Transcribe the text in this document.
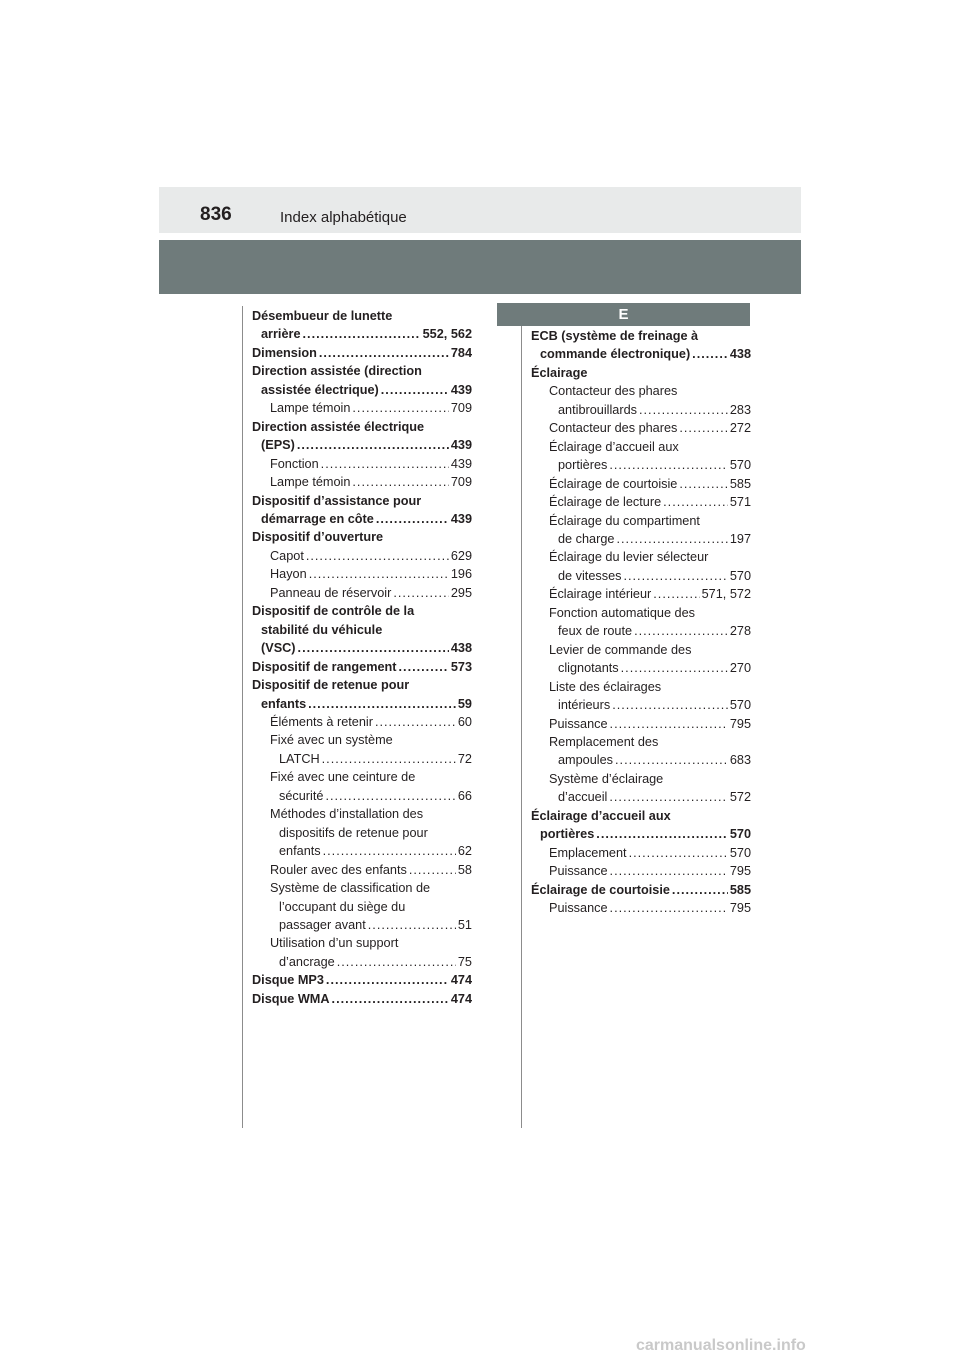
836	Index alphabétique
E
Désembueur de lunette
arrière .....	552, 562
Dimension .....	784
Direction assistée (direction
assistée électrique) .....	439
Lampe témoin .....	709
Direction assistée électrique
(EPS) .....	439
Fonction .....	439
Lampe témoin .....	709
Dispositif d’assistance pour
démarrage en côte .....	439
Dispositif d’ouverture
Capot .....	629
Hayon .....	196
Panneau de réservoir .....	295
Dispositif de contrôle de la
stabilité du véhicule
(VSC) .....	438
Dispositif de rangement .....	573
Dispositif de retenue pour
enfants .....	59
Éléments à retenir .....	60
Fixé avec un système
LATCH .....	72
Fixé avec une ceinture de
sécurité .....	66
Méthodes d’installation des
dispositifs de retenue pour
enfants .....	62
Rouler avec des enfants .....	58
Système de classification de
l’occupant du siège du
passager avant .....	51
Utilisation d’un support
d’ancrage .....	75
Disque MP3 .....	474
Disque WMA .....	474
ECB (système de freinage à
commande électronique) .....	438
Éclairage
Contacteur des phares
antibrouillards .....	283
Contacteur des phares .....	272
Éclairage d’accueil aux
portières .....	570
Éclairage de courtoisie .....	585
Éclairage de lecture .....	571
Éclairage du compartiment
de charge .....	197
Éclairage du levier sélecteur
de vitesses .....	570
Éclairage intérieur .....	571, 572
Fonction automatique des
feux de route .....	278
Levier de commande des
clignotants .....	270
Liste des éclairages
intérieurs .....	570
Puissance .....	795
Remplacement des
ampoules .....	683
Système d’éclairage
d’accueil .....	572
Éclairage d’accueil aux
portières .....	570
Emplacement .....	570
Puissance .....	795
Éclairage de courtoisie .....	585
Puissance .....	795
carmanualsonline.info
